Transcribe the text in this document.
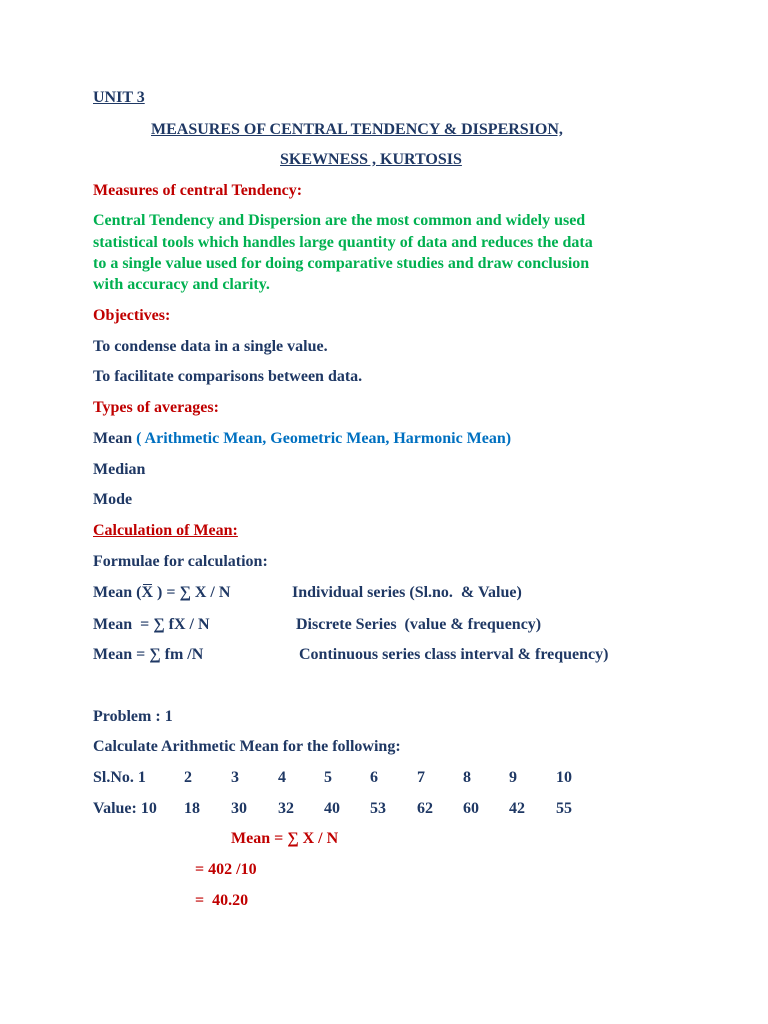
UNIT 3
MEASURES OF CENTRAL TENDENCY & DISPERSION,
SKEWNESS , KURTOSIS
Measures of central Tendency:
Central Tendency and Dispersion are the most common and widely used
statistical tools which handles large quantity of data and reduces the data
to a single value used for doing comparative studies and draw conclusion
with accuracy and clarity.
Objectives:
To condense data in a single value.
To facilitate comparisons between data.
Types of averages:
Mean ( Arithmetic Mean, Geometric Mean, Harmonic Mean)
Median
Mode
Calculation of Mean:
Formulae for calculation:
Mean (X ) = ∑ X / N	Individual series (Sl.no.  & Value)
Mean  = ∑ fX / N	Discrete Series  (value & frequency)
Mean = ∑ fm /N	Continuous series class interval & frequency)
Problem : 1
Calculate Arithmetic Mean for the following:
Sl.No. 1 2 3 4 5 6 7 8 9 10
Value: 10 18 30 32 40 53 62 60 42 55
Mean = ∑ X / N
= 402 /10
=  40.20
